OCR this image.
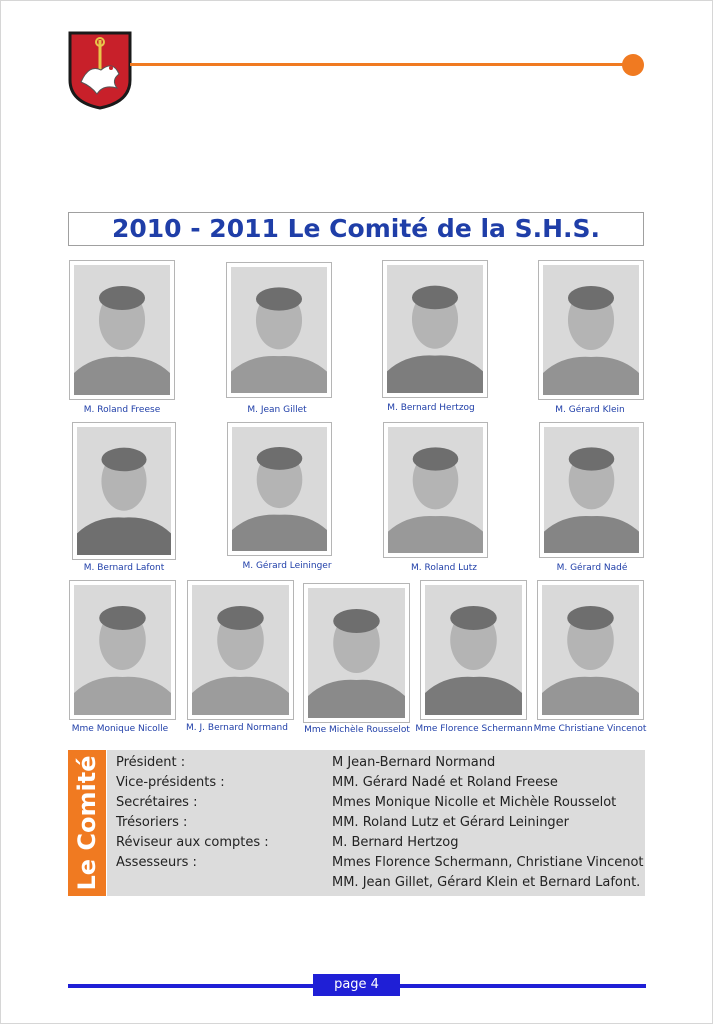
2010 - 2011 Le Comité de la S.H.S.
M. Roland Freese	M. Jean Gillet	M. Bernard Hertzog	M. Gérard Klein
M. Bernard Lafont	M. Gérard Leininger	M. Roland Lutz	M. Gérard Nadé
Mme Monique Nicolle M. J. Bernard Normand Mme Michèle Rousselot Mme Florence Schermann Mme Christiane Vincenot
Le Comité Président :	M Jean-Bernard Normand
Vice-présidents :	MM. Gérard Nadé et Roland Freese
Secrétaires :	Mmes Monique Nicolle et Michèle Rousselot
Trésoriers :	MM. Roland Lutz et Gérard Leininger
Réviseur aux comptes :	M. Bernard Hertzog
Assesseurs :	Mmes Florence Schermann, Christiane Vincenot
MM. Jean Gillet, Gérard Klein et Bernard Lafont.
page 4
